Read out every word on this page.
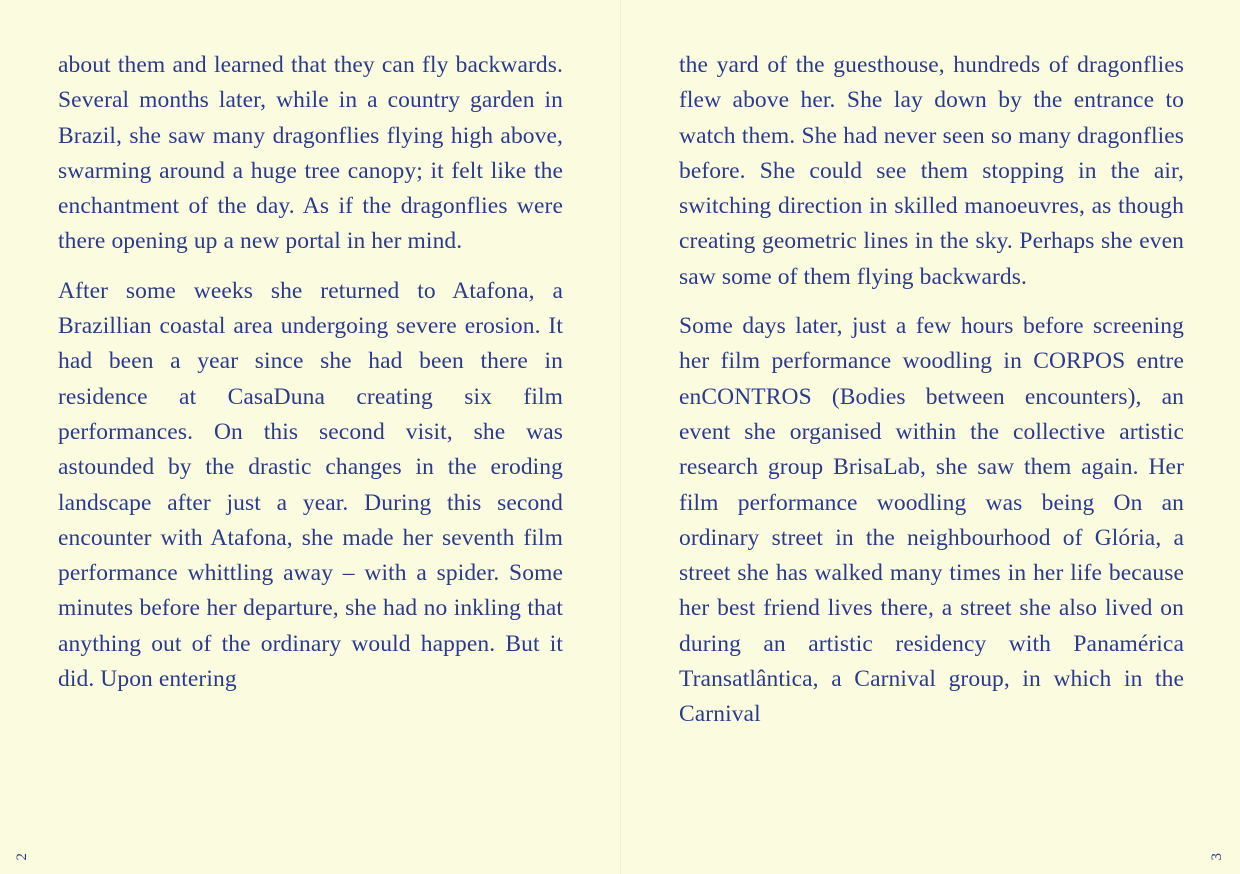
about them and learned that they can fly backwards. Several months later, while in a country garden in Brazil, she saw many dragonflies flying high above, swarming around a huge tree canopy; it felt like the enchantment of the day. As if the dragonflies were there opening up a new portal in her mind.

After some weeks she returned to Atafona, a Brazillian coastal area undergoing severe erosion. It had been a year since she had been there in residence at CasaDuna creating six film performances. On this second visit, she was astounded by the drastic changes in the eroding landscape after just a year. During this second encounter with Atafona, she made her seventh film performance whittling away – with a spider. Some minutes before her departure, she had no inkling that anything out of the ordinary would happen. But it did. Upon entering

2

the yard of the guesthouse, hundreds of dragonflies flew above her. She lay down by the entrance to watch them. She had never seen so many dragonflies before. She could see them stopping in the air, switching direction in skilled manoeuvres, as though creating geometric lines in the sky. Perhaps she even saw some of them flying backwards.

Some days later, just a few hours before screening her film performance woodling in CORPOS entre enCONTROS (Bodies between encounters), an event she organised within the collective artistic research group BrisaLab, she saw them again. Her film performance woodling was being On an ordinary street in the neighbourhood of Glória, a street she has walked many times in her life because her best friend lives there, a street she also lived on during an artistic residency with Panamérica Transatlântica, a Carnival group, in which in the Carnival

3
